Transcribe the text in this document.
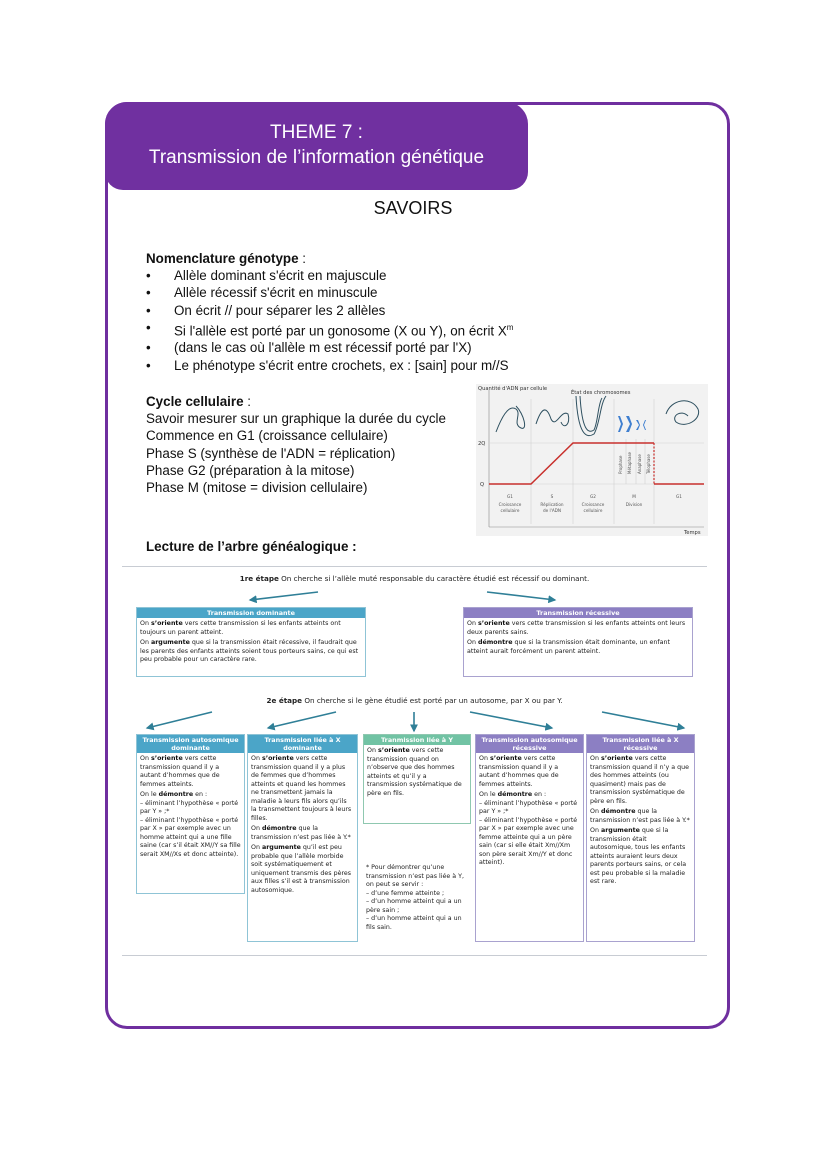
THEME 7 :
Transmission de l’information génétique
SAVOIRS
Nomenclature génotype :
• Allèle dominant s'écrit en majuscule
• Allèle récessif s'écrit en minuscule
• On écrit // pour séparer les 2 allèles
• Si l'allèle est porté par un gonosome (X ou Y), on écrit $X^m$
• (dans le cas où l'allèle m est récessif porté par l'X)
• Le phénotype s'écrit entre crochets, ex : [sain] pour m//S
Cycle cellulaire :
Savoir mesurer sur un graphique la durée du cycle
Commence en G1 (croissance cellulaire)
Phase S (synthèse de l'ADN = réplication)
Phase G2 (préparation à la mitose)
Phase M (mitose = division cellulaire)
Quantité d'ADN par cellule
État des chromosomes
2Q
Q
Temps
G1
Croissance
cellulaire
S
Réplication
de l'ADN
G2
Croissance
cellulaire
M
Division
G1
Prophase Métaphase Anaphase Télophase
Lecture de l’arbre généalogique :
1re étape On cherche si l’allèle muté responsable du caractère étudié est récessif ou dominant.
Transmission dominante

On s’oriente vers cette transmission si les enfants atteints ont toujours un parent atteint.

On argumente que si la transmission était récessive, il faudrait que les parents des enfants atteints soient tous porteurs sains, ce qui est peu probable pour un caractère rare.

Transmission récessive

On s’oriente vers cette transmission si les enfants atteints ont leurs deux parents sains.

On démontre que si la transmission était dominante, un enfant atteint aurait forcément un parent atteint.

2e étape On cherche si le gène étudié est porté par un autosome, par X ou par Y.
Transmission autosomique dominante

On s’oriente vers cette transmission quand il y a autant d’hommes que de femmes atteints.

On le démontre en :
– éliminant l’hypothèse « porté par Y » ;*
– éliminant l’hypothèse « porté par X » par exemple avec un homme atteint qui a une fille saine (car s’il était XM//Y sa fille serait XM//Xs et donc atteinte).

Transmission liée à X dominante

On s’oriente vers cette transmission quand il y a plus de femmes que d’hommes atteints et quand les hommes ne transmettent jamais la maladie à leurs fils alors qu’ils la transmettent toujours à leurs filles.

On démontre que la transmission n’est pas liée à Y.*

On argumente qu’il est peu probable que l’allèle morbide soit systématiquement et uniquement transmis des pères aux filles s’il est à transmission autosomique.

Tranmission liée à Y

On s’oriente vers cette transmission quand on n’observe que des hommes atteints et qu’il y a transmission systématique de père en fils.

* Pour démontrer qu’une transmission n’est pas liée à Y, on peut se servir :
– d’une femme atteinte ;
– d’un homme atteint qui a un père sain ;
– d’un homme atteint qui a un fils sain.
Transmission autosomique récessive

On s’oriente vers cette transmission quand il y a autant d’hommes que de femmes atteints.

On le démontre en :
– éliminant l’hypothèse « porté par Y » ;*
– éliminant l’hypothèse « porté par X » par exemple avec une femme atteinte qui a un père sain (car si elle était Xm//Xm son père serait Xm//Y et donc atteint).

Transmission liée à X récessive

On s’oriente vers cette transmission quand il n’y a que des hommes atteints (ou quasiment) mais pas de transmission systématique de père en fils.

On démontre que la transmission n’est pas liée à Y.*

On argumente que si la transmission était autosomique, tous les enfants atteints auraient leurs deux parents porteurs sains, or cela est peu probable si la maladie est rare.
